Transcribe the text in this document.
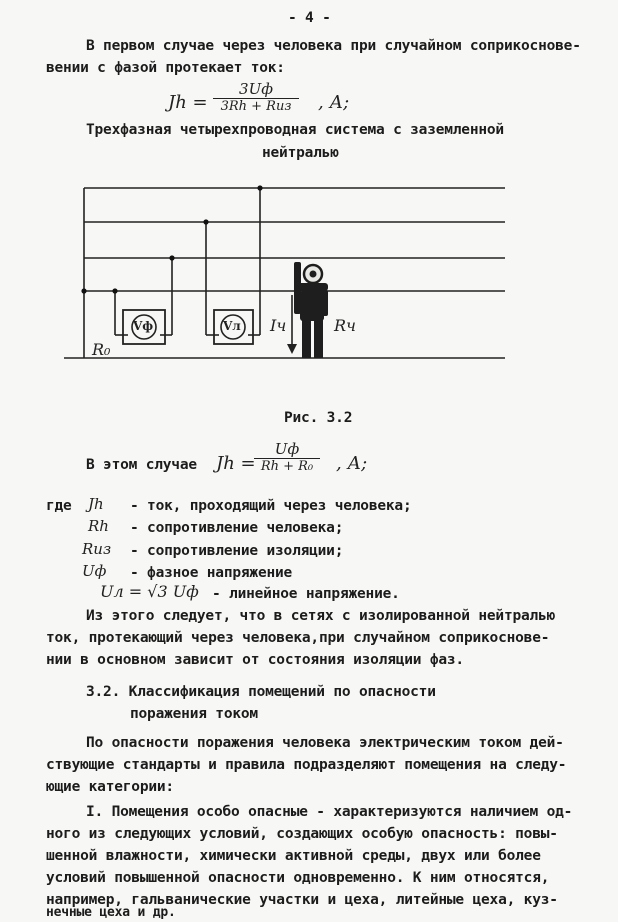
- 4 -
В первом случае через человека при случайном соприкоснове-
вении с фазой протекает ток:
Jh =
3Uф
3Rh + Rиз	, А;
Трехфазная четырехпроводная система с заземленной
нейтралью
R₀
Vф	Vл Iч	Rч
Рис. 3.2
В этом случае Jh =
Uф
Rh + R₀	, А;
где Jh - ток, проходящий через человека;
Rh - сопротивление человека;
Rиз - сопротивление изоляции;
Uф - фазное напряжение
Uл = √3 Uф - линейное напряжение.
Из этого следует, что в сетях с изолированной нейтралью
ток, протекающий через человека,при случайном соприкоснове-
нии в основном зависит от состояния изоляции фаз.
3.2. Классификация помещений по опасности
поражения током
По опасности поражения человека электрическим током дей-
ствующие стандарты и правила подразделяют помещения на следу-
ющие категории:
I. Помещения особо опасные - характеризуются наличием од-
ного из следующих условий, создающих особую опасность: повы-
шенной влажности, химически активной среды, двух или более
условий повышенной опасности одновременно. К ним относятся,
например, гальванические участки и цеха, литейные цеха, куз-
нечные цеха и др.
